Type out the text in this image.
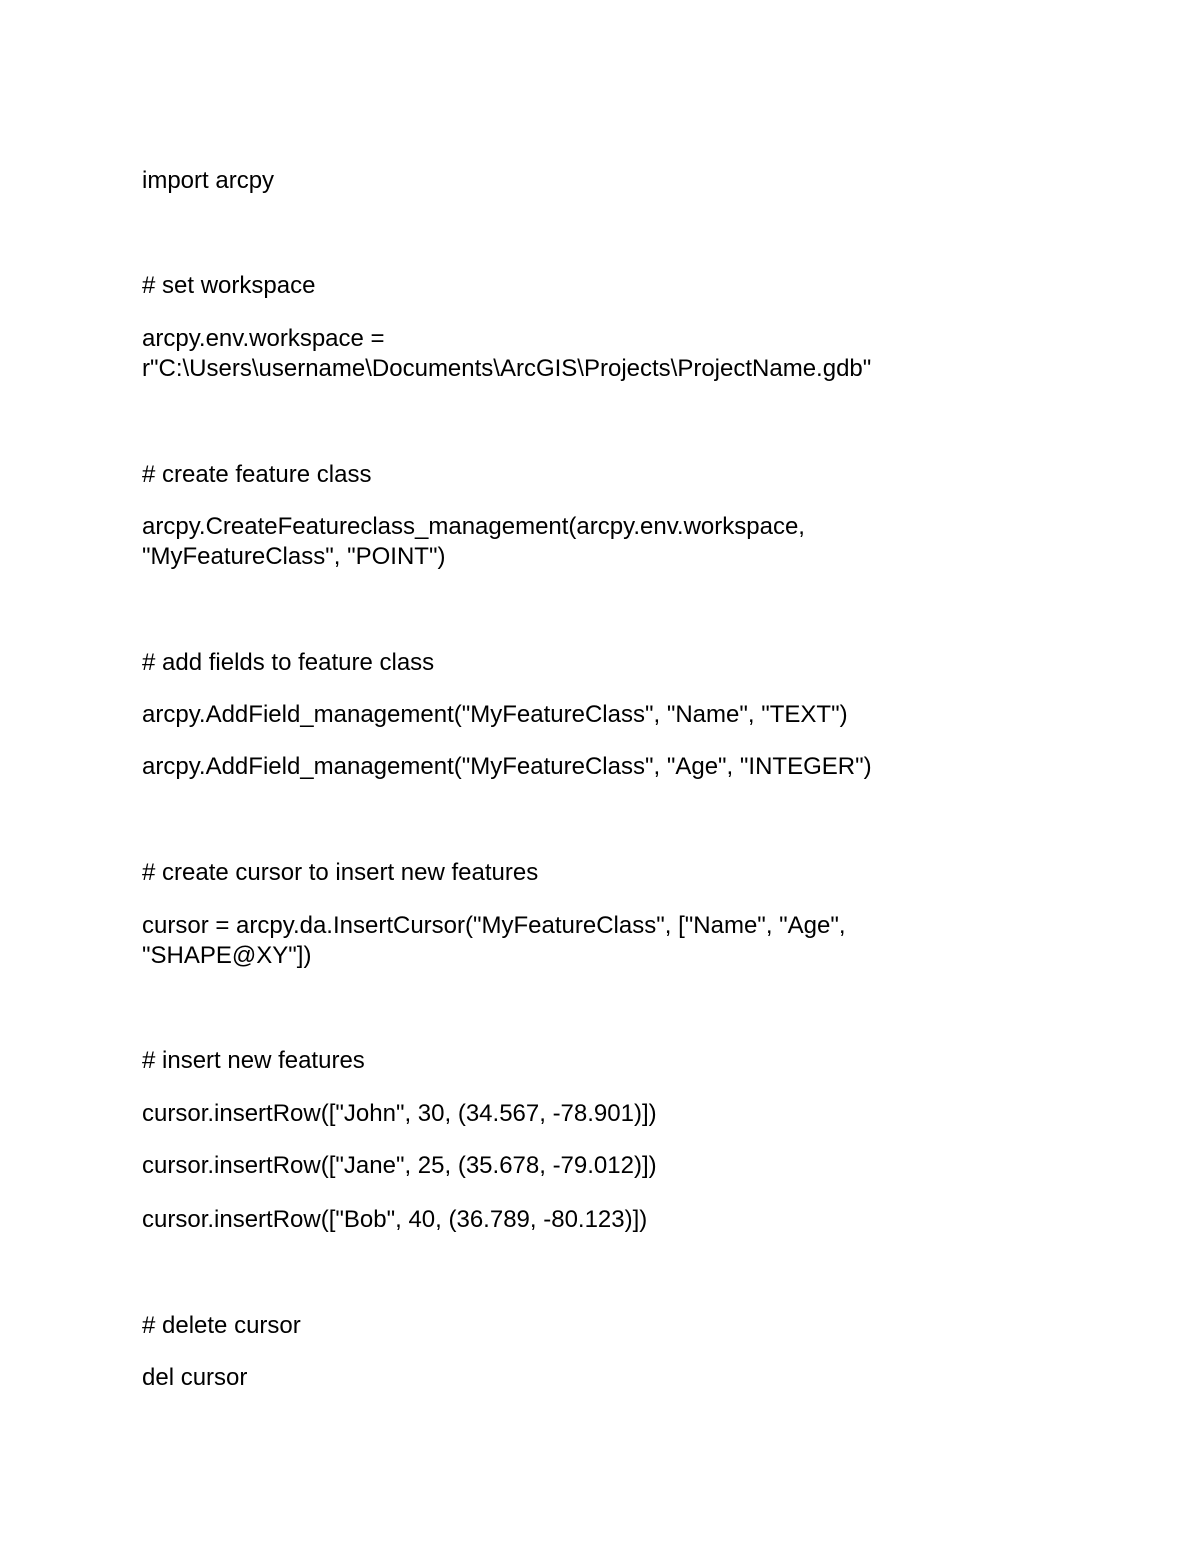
import arcpy

# set workspace

arcpy.env.workspace =

r"C:\Users\username\Documents\ArcGIS\Projects\ProjectName.gdb"

# create feature class

arcpy.CreateFeatureclass_management(arcpy.env.workspace,

"MyFeatureClass", "POINT")

# add fields to feature class

arcpy.AddField_management("MyFeatureClass", "Name", "TEXT")

arcpy.AddField_management("MyFeatureClass", "Age", "INTEGER")

# create cursor to insert new features

cursor = arcpy.da.InsertCursor("MyFeatureClass", ["Name", "Age",

"SHAPE@XY"])

# insert new features

cursor.insertRow(["John", 30, (34.567, -78.901)])

cursor.insertRow(["Jane", 25, (35.678, -79.012)])

cursor.insertRow(["Bob", 40, (36.789, -80.123)])

# delete cursor

del cursor
